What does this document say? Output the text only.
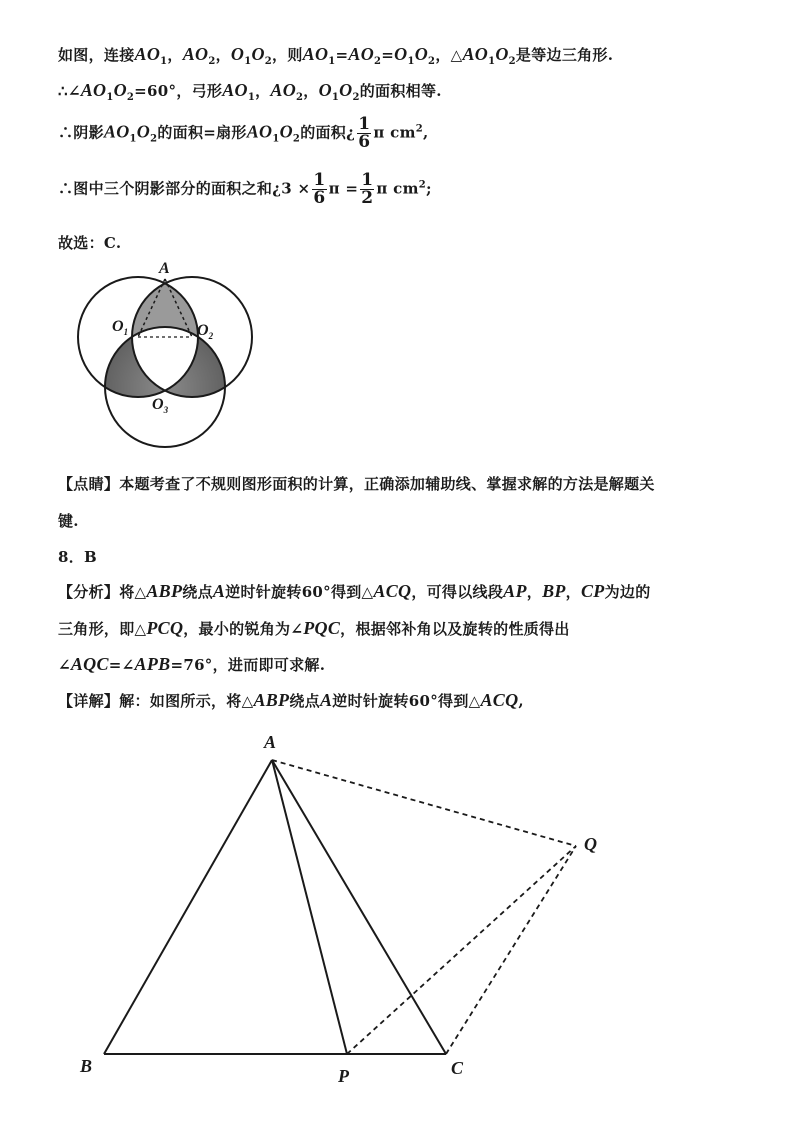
如图，连接$AO_1$，$AO_2$，$O_1O_2$，则$AO_1=AO_2=O_1O_2$，$\triangle AO_1O_2$是等边三角形.
$\therefore\angle AO_1O_2=60^\circ$，弓形$AO_1$，$AO_2$，$O_1O_2$的面积相等.
∴阴影$AO_1O_2$的面积=扇形$AO_1O_2$的面积¿ $\frac{1}{6}$ π $cm^2$,
∴图中三个阴影部分的面积之和¿$3 \times \frac{1}{6}$ $\pi = \frac{1}{2}$ π $cm^2$;
故选：C.
A
$O_1$	$O_2$
$O_3$
【点睛】本题考查了不规则图形面积的计算，正确添加辅助线、掌握求解的方法是解题关
键.
8．B
【分析】将△ABP绕点A逆时针旋转60°得到△ACQ，可得以线段AP，BP，CP为边的
三角形，即△PCQ，最小的锐角为∠PQC，根据邻补角以及旋转的性质得出
∠AQC=∠APB=76°，进而即可求解.
【详解】解：如图所示，将△ABP绕点A逆时针旋转60°得到△ACQ,
A
B	P	C
Q
